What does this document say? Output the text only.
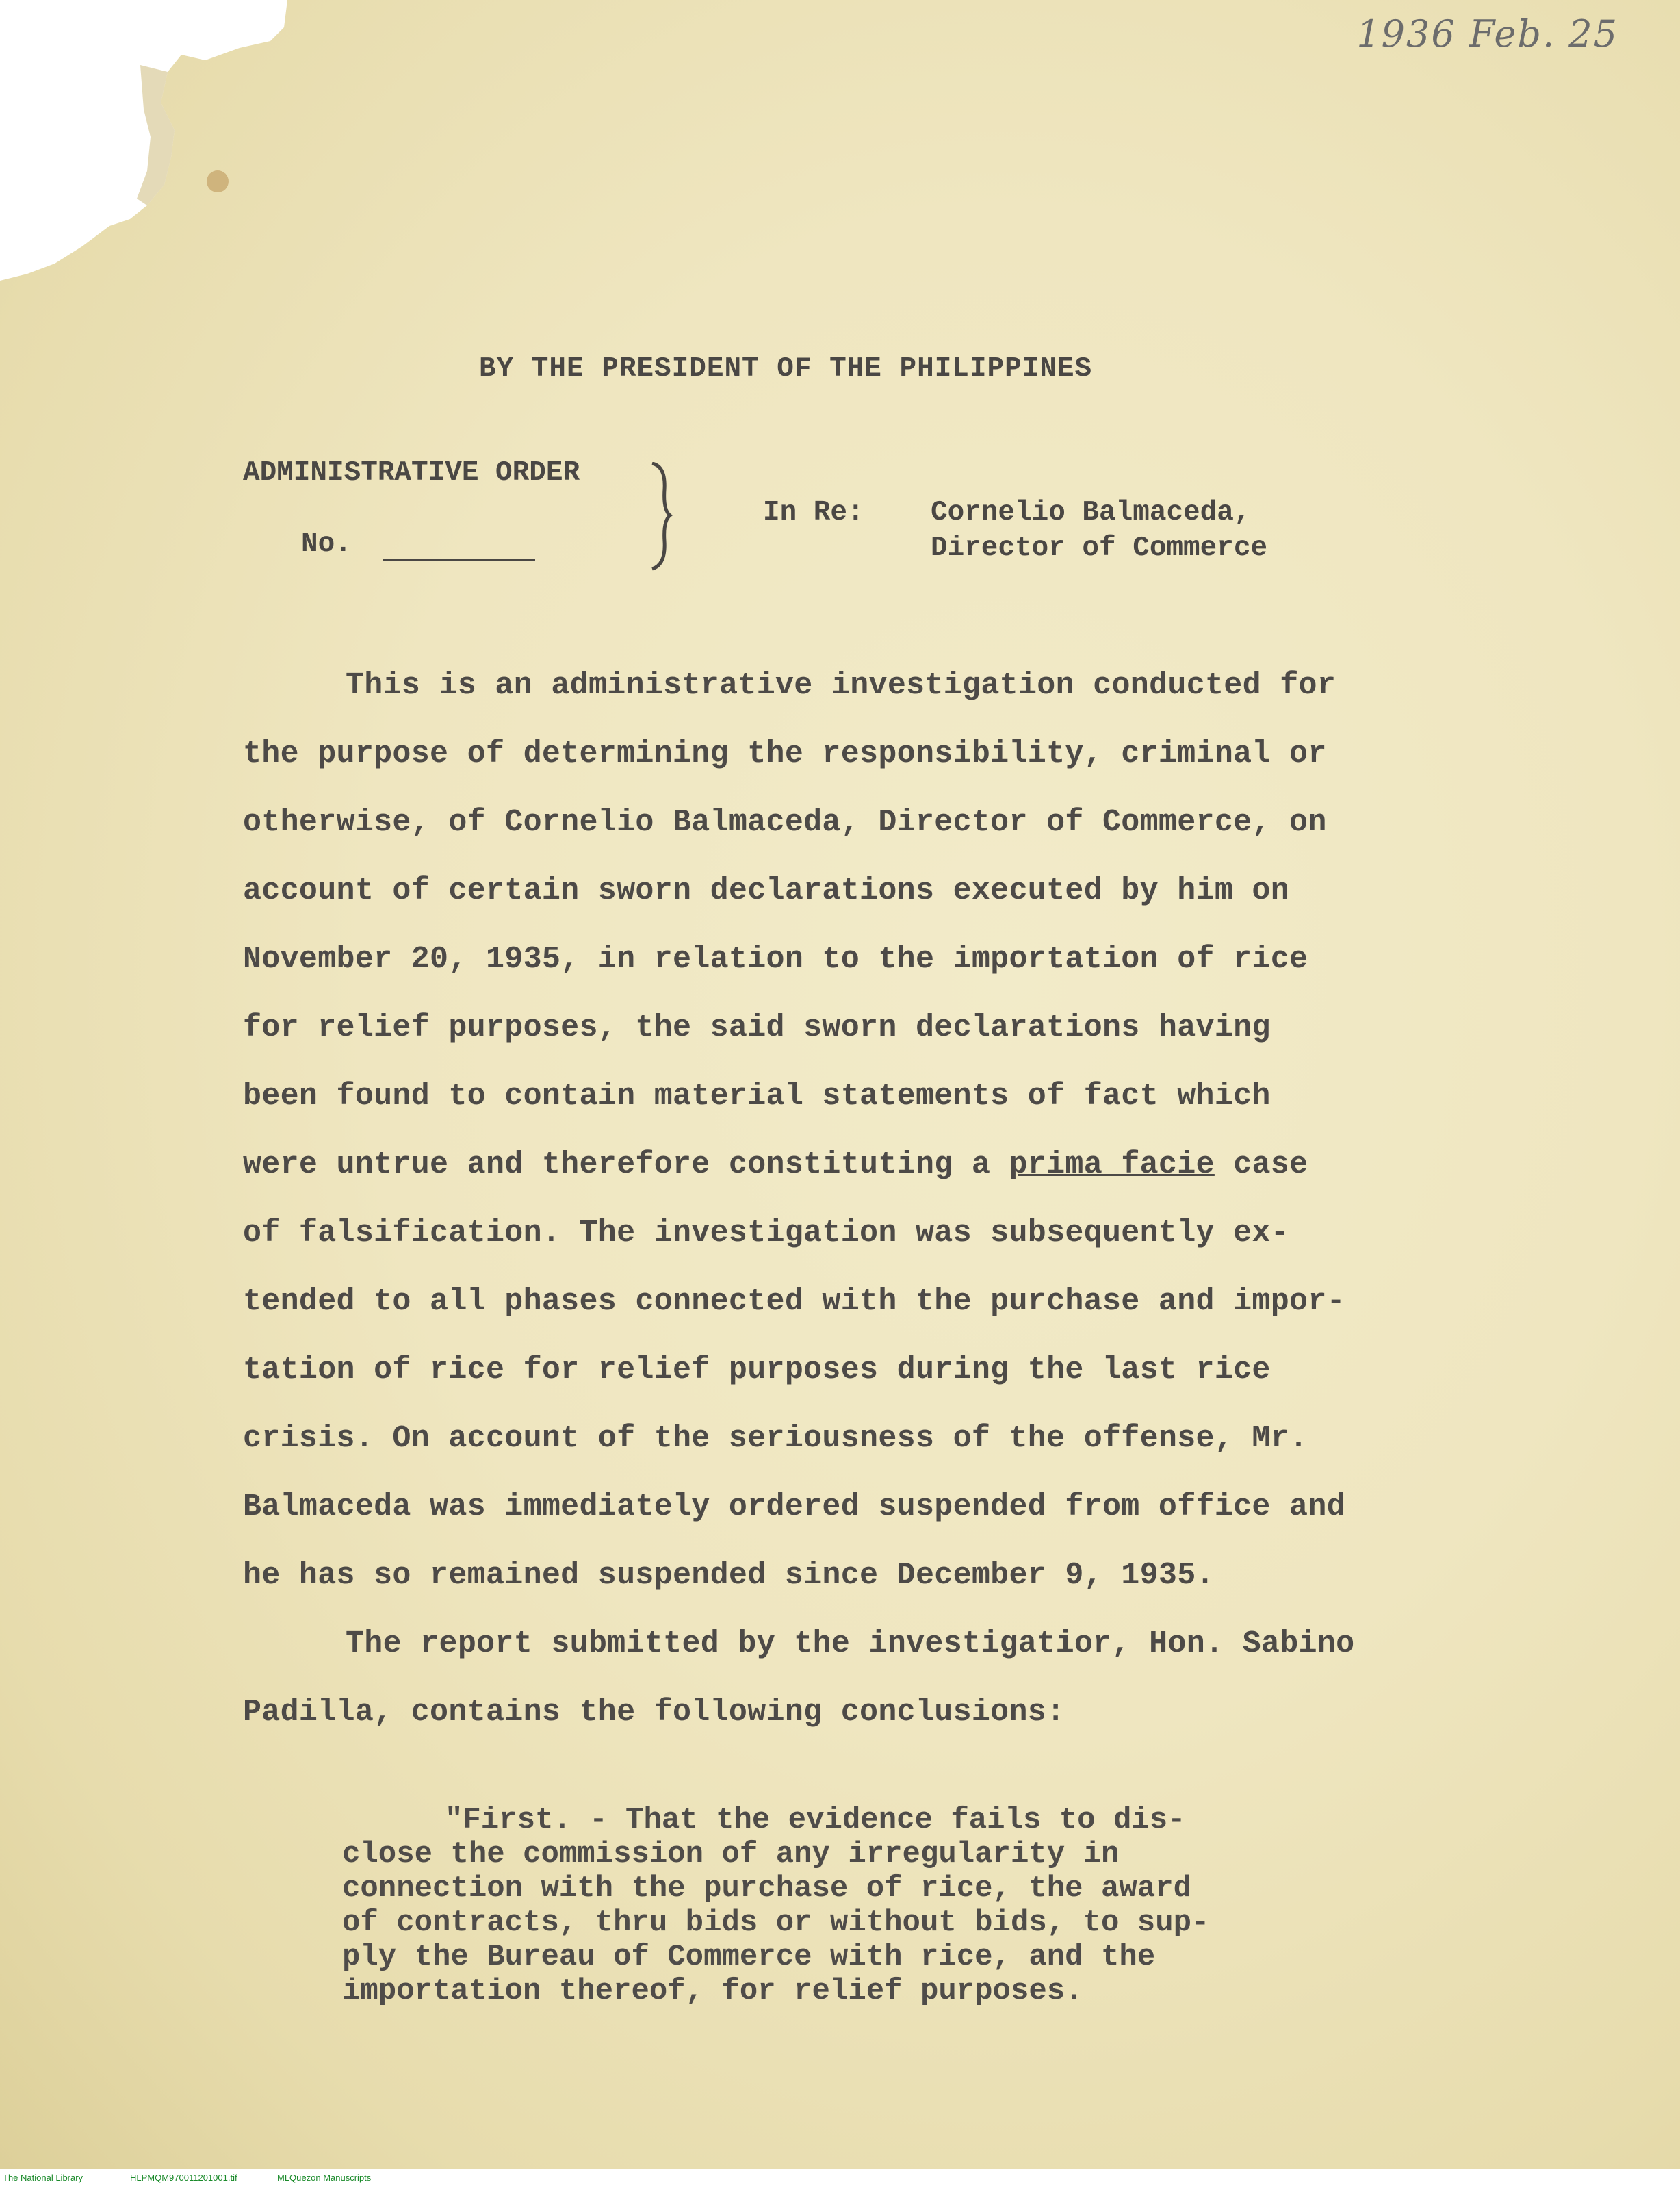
1936 Feb. 25
BY THE PRESIDENT OF THE PHILIPPINES
ADMINISTRATIVE ORDER
No.
In Re: Cornelio Balmaceda,
Director of Commerce
This is an administrative investigation conducted for
the purpose of determining the responsibility, criminal or
otherwise, of Cornelio Balmaceda, Director of Commerce, on
account of certain sworn declarations executed by him on
November 20, 1935, in relation to the importation of rice
for relief purposes, the said sworn declarations having
been found to contain material statements of fact which
were untrue and therefore constituting a prima facie case
of falsification. The investigation was subsequently ex-
tended to all phases connected with the purchase and impor-
tation of rice for relief purposes during the last rice
crisis. On account of the seriousness of the offense, Mr.
Balmaceda was immediately ordered suspended from office and
he has so remained suspended since December 9, 1935.
The report submitted by the investigatior, Hon. Sabino
Padilla, contains the following conclusions:
"First. - That the evidence fails to dis-
close the commission of any irregularity in
connection with the purchase of rice, the award
of contracts, thru bids or without bids, to sup-
ply the Bureau of Commerce with rice, and the
importation thereof, for relief purposes.
The National Library	HLPMQM970011201001.tif	MLQuezon Manuscripts
